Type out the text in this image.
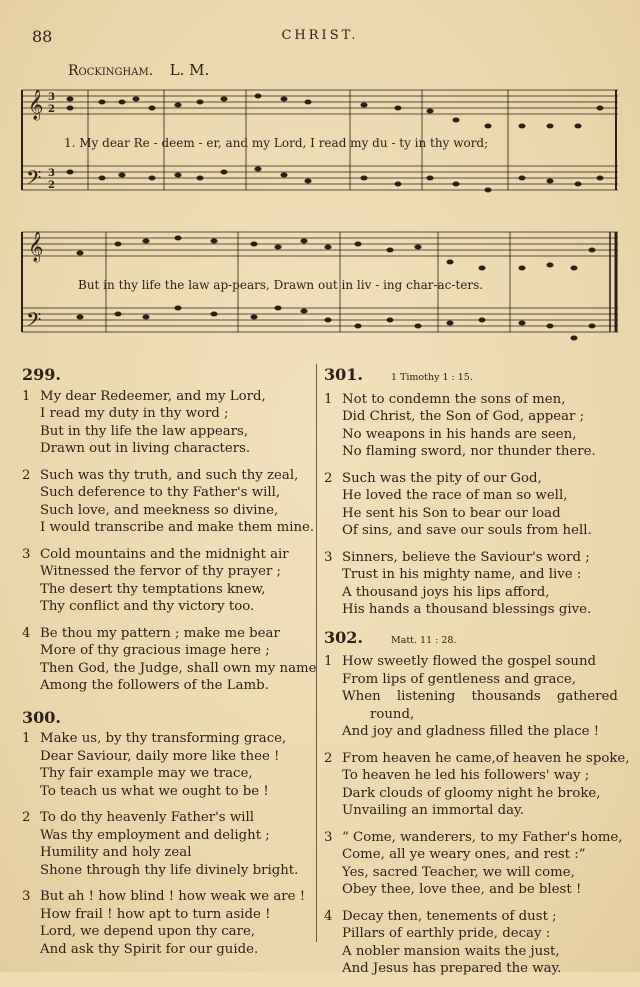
88	CHRIST.
Rockingham. L. M.
𝄞
𝄢
3
2
3
2
1. My dear Re - deem - er, and my Lord, I read my du - ty in thy word;
𝄞
𝄢
But in thy life the law ap-pears, Drawn out in liv - ing char-ac-ters.
299.
1 My dear Redeemer, and my Lord,
I read my duty in thy word ;
But in thy life the law appears,
Drawn out in living characters.
2 Such was thy truth, and such thy zeal,
Such deference to thy Father's will,
Such love, and meekness so divine,
I would transcribe and make them mine.
3 Cold mountains and the midnight air
Witnessed the fervor of thy prayer ;
The desert thy temptations knew,
Thy conflict and thy victory too.
4 Be thou my pattern ; make me bear
More of thy gracious image here ;
Then God, the Judge, shall own my name
Among the followers of the Lamb.
300.
1 Make us, by thy transforming grace,
Dear Saviour, daily more like thee !
Thy fair example may we trace,
To teach us what we ought to be !
2 To do thy heavenly Father's will
Was thy employment and delight ;
Humility and holy zeal
Shone through thy life divinely bright.
3 But ah ! how blind ! how weak we are !
How frail ! how apt to turn aside !
Lord, we depend upon thy care,
And ask thy Spirit for our guide.
301.	1 Timothy 1 : 15.
1 Not to condemn the sons of men,
Did Christ, the Son of God, appear ;
No weapons in his hands are seen,
No flaming sword, nor thunder there.
2 Such was the pity of our God,
He loved the race of man so well,
He sent his Son to bear our load
Of sins, and save our souls from hell.
3 Sinners, believe the Saviour's word ;
Trust in his mighty name, and live :
A thousand joys his lips afford,
His hands a thousand blessings give.
302.	Matt. 11 : 28.
1 How sweetly flowed the gospel sound
From lips of gentleness and grace,
When listening thousands gathered
round,
And joy and gladness filled the place !
2 From heaven he came,of heaven he spoke,
To heaven he led his followers' way ;
Dark clouds of gloomy night he broke,
Unvailing an immortal day.
3 “ Come, wanderers, to my Father's home,
Come, all ye weary ones, and rest :”
Yes, sacred Teacher, we will come,
Obey thee, love thee, and be blest !
4 Decay then, tenements of dust ;
Pillars of earthly pride, decay :
A nobler mansion waits the just,
And Jesus has prepared the way.
